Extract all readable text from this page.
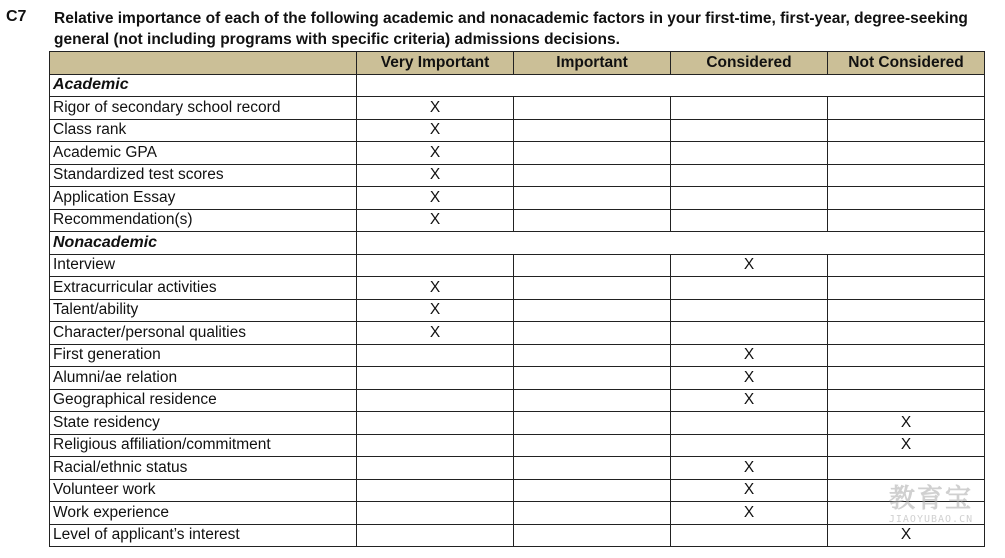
C7 Relative importance of each of the following academic and nonacademic factors in your first-time, first-year, degree-seeking general (not including programs with specific criteria) admissions decisions.
	Very Important	Important	Considered	Not Considered
Academic				
Rigor of secondary school record	X			
Class rank	X			
Academic GPA	X			
Standardized test scores	X			
Application Essay	X			
Recommendation(s)	X			
Nonacademic				
Interview			X	
Extracurricular activities	X			
Talent/ability	X			
Character/personal qualities	X			
First generation			X	
Alumni/ae relation			X	
Geographical residence			X	
State residency				X
Religious affiliation/commitment				X
Racial/ethnic status			X	
Volunteer work			X	
Work experience			X	
Level of applicant’s interest				X
教育宝
JIAOYUBAO.CN
